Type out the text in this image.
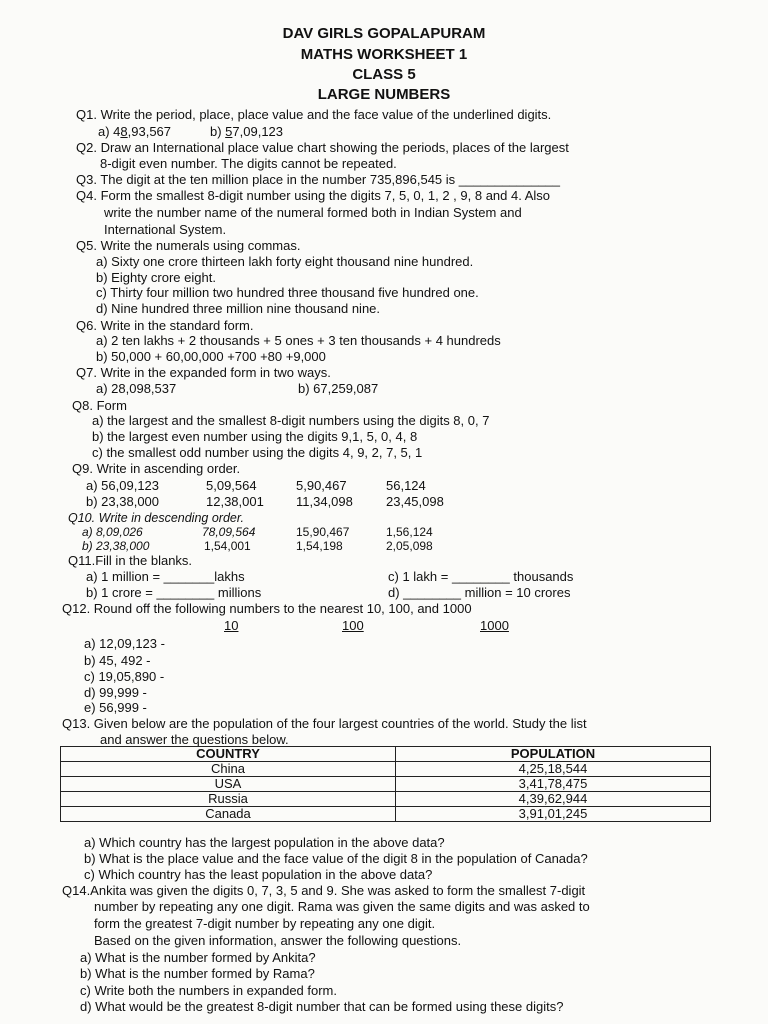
DAV GIRLS GOPALAPURAM
MATHS WORKSHEET 1
CLASS 5
LARGE NUMBERS
Q1. Write the period, place, place value and the face value of the underlined digits.
a) 48,93,567	b) 57,09,123
Q2. Draw an International place value chart showing the periods, places of the largest
8-digit even number. The digits cannot be repeated.
Q3. The digit at the ten million place in the number 735,896,545 is ______________
Q4. Form the smallest 8-digit number using the digits 7, 5, 0, 1, 2 , 9, 8 and 4. Also
write the number name of the numeral formed both in Indian System and
International System.
Q5. Write the numerals using commas.
a) Sixty one crore thirteen lakh forty eight thousand nine hundred.
b) Eighty crore eight.
c) Thirty four million two hundred three thousand five hundred one.
d) Nine hundred three million nine thousand nine.
Q6. Write in the standard form.
a) 2 ten lakhs + 2 thousands + 5 ones + 3 ten thousands + 4 hundreds
b) 50,000 + 60,00,000 +700 +80 +9,000
Q7. Write in the expanded form in two ways.
a) 28,098,537	b) 67,259,087
Q8. Form
a) the largest and the smallest 8-digit numbers using the digits 8, 0, 7
b) the largest even number using the digits 9,1, 5, 0, 4, 8
c) the smallest odd number using the digits 4, 9, 2, 7, 5, 1
Q9. Write in ascending order.
a) 56,09,123	5,09,564	5,90,467	56,124
b) 23,38,000	12,38,001 11,34,098	23,45,098
Q10. Write in descending order.
a) 8,09,026	78,09,564	15,90,467	1,56,124
b) 23,38,000	1,54,001	1,54,198	2,05,098
Q11.Fill in the blanks.
a) 1 million = _______lakhs
b) 1 crore = ________ millions
c) 1 lakh = ________ thousands
d) ________ million = 10 crores
Q12. Round off the following numbers to the nearest 10, 100, and 1000
10	100	1000
a) 12,09,123 -
b) 45, 492 -
c) 19,05,890 -
d) 99,999 -
e) 56,999 -
Q13. Given below are the population of the four largest countries of the world. Study the list
and answer the questions below.
COUNTRY	POPULATION
China	4,25,18,544
USA	3,41,78,475
Russia	4,39,62,944
Canada	3,91,01,245
a) Which country has the largest population in the above data?
b) What is the place value and the face value of the digit 8 in the population of Canada?
c) Which country has the least population in the above data?
Q14.Ankita was given the digits 0, 7, 3, 5 and 9. She was asked to form the smallest 7-digit
number by repeating any one digit. Rama was given the same digits and was asked to
form the greatest 7-digit number by repeating any one digit.
Based on the given information, answer the following questions.
a) What is the number formed by Ankita?
b) What is the number formed by Rama?
c) Write both the numbers in expanded form.
d) What would be the greatest 8-digit number that can be formed using these digits?
